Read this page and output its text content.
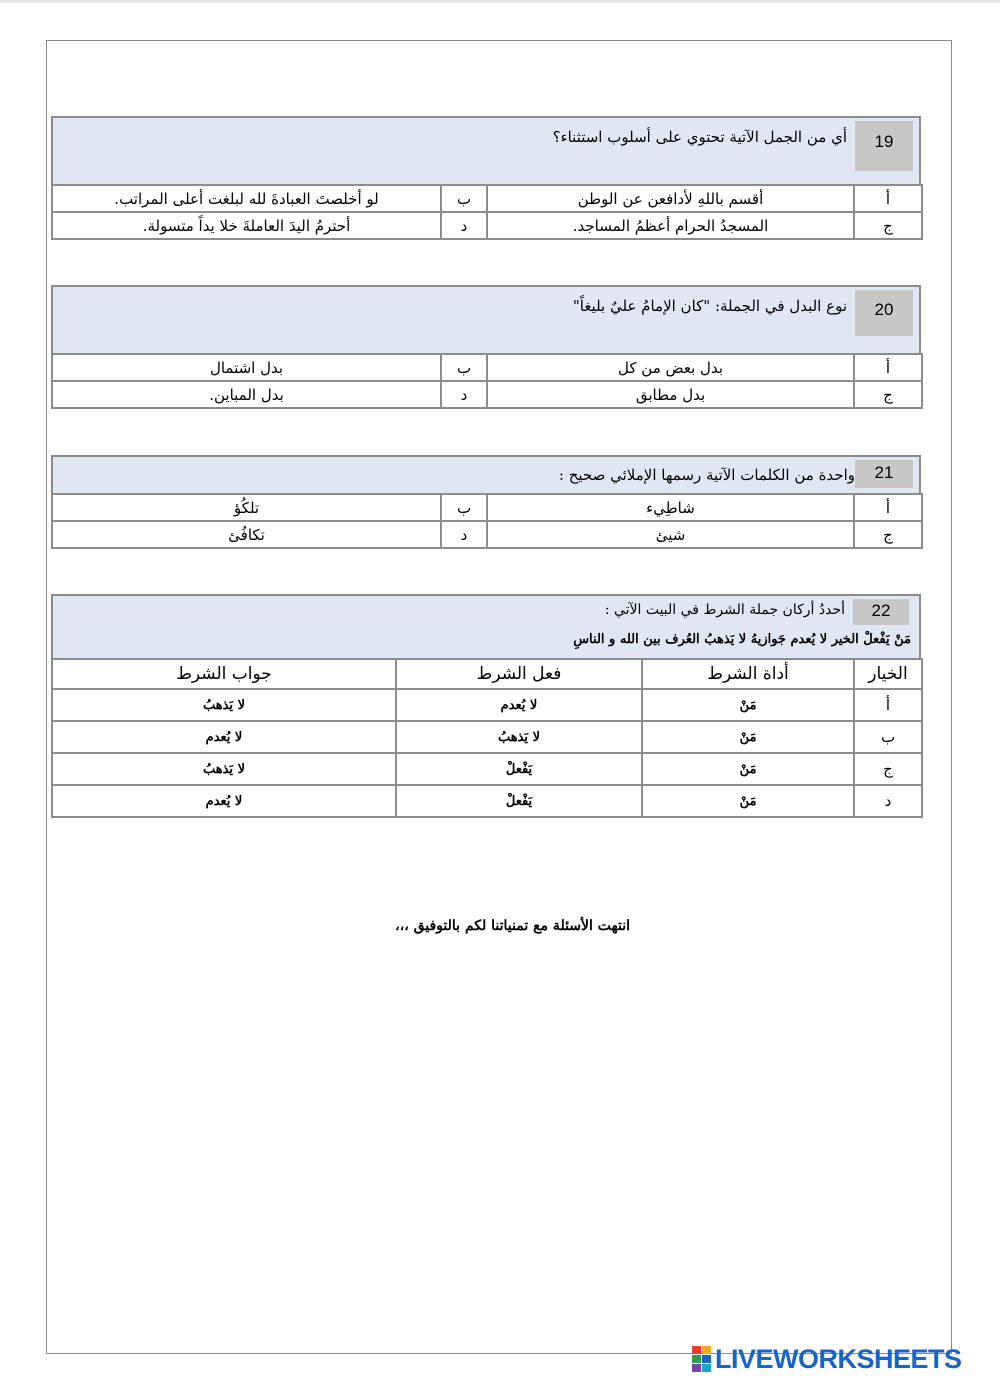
19
أي من الجمل الآتية تحتوي على أسلوب استثناء؟
أ	أقسم باللهِ لأدافعن عن الوطن	ب	لو أخلصتَ العبادةَ لله لبلغت أعلى المراتب.
ج	المسجدُ الحرام أعظمُ المساجد.	د	أحترمُ اليدَ العاملةَ خلا يداً متسولة.
20
نوع البدل في الجملة: "كان الإمامُ عليٌ بليغاً"
أ	بدل بعض من كل	ب	بدل اشتمال
ج	بدل مطابق	د	بدل المباين.
21
واحدة من الكلمات الآتية رسمها الإملائي صحيح :
أ	شاطِيء	ب	تلكُؤ
ج	شيئ	د	تكافُئ
22
أحددُ أركان جملة الشرط في البيت الآتي :
مَنْ يَفْعلْ الخير لا يُعدم جَوازيهُ لا يَذهبُ العُرف بين الله و الناسِ
الخيار	أداة الشرط	فعل الشرط	جواب الشرط
أ	مَنْ	لا يُعدم	لا يَذهبُ
ب	مَنْ	لا يَذهبُ	لا يُعدم
ج	مَنْ	يَفْعلْ	لا يَذهبُ
د	مَنْ	يَفْعلْ	لا يُعدم
انتهت الأسئلة مع تمنياتنا لكم بالتوفيق ،،،
LIVEWORKSHEETS
